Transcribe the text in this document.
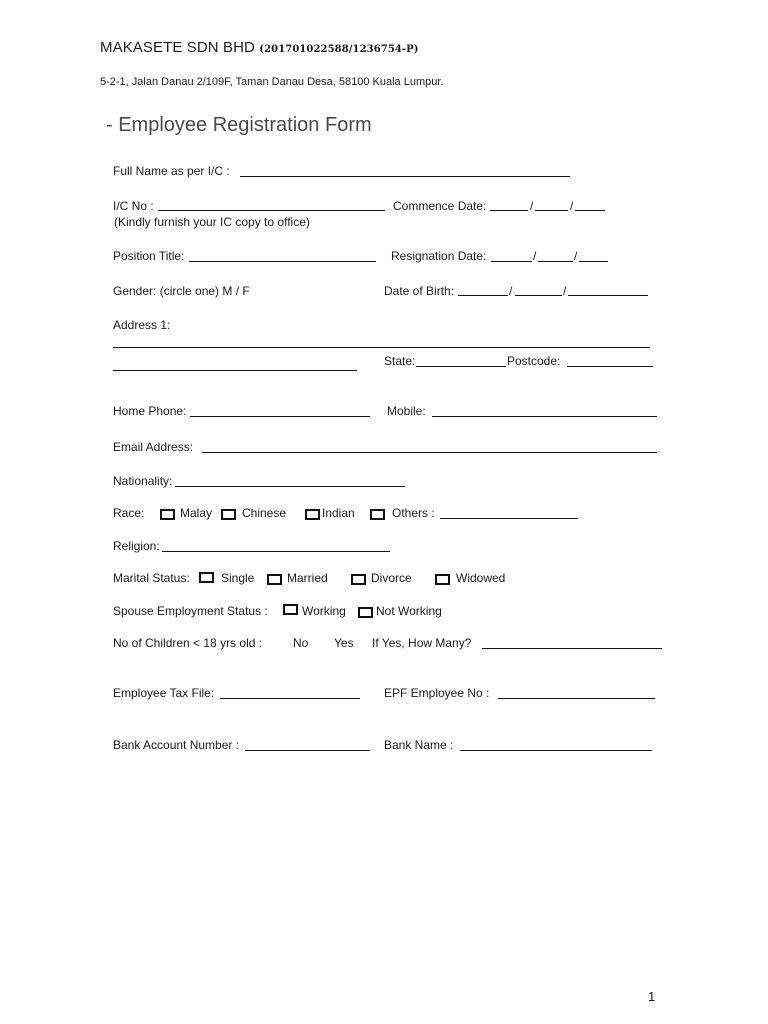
MAKASETE SDN BHD (201701022588/1236754-P)
5-2-1, Jalan Danau 2/109F, Taman Danau Desa, 58100 Kuala Lumpur.
- Employee Registration Form
Full Name as per I/C :
I/C No :	Commence Date:	/	/
(Kindly furnish your IC copy to office)
Position Title:	Resignation Date:	/	/
Gender: (circle one) M / F	Date of Birth:	/	/
Address 1:
State:	Postcode:
Home Phone:	Mobile:
Email Address:
Nationality:
Race:	Malay Chinese	Indian	Others :
Religion:
Marital Status:	Single	Married	Divorce	Widowed
Spouse Employment Status :	Working	Not Working
No of Children < 18 yrs old :	No Yes If Yes, How Many?
Employee Tax File:	EPF Employee No :
Bank Account Number :	Bank Name :
1
